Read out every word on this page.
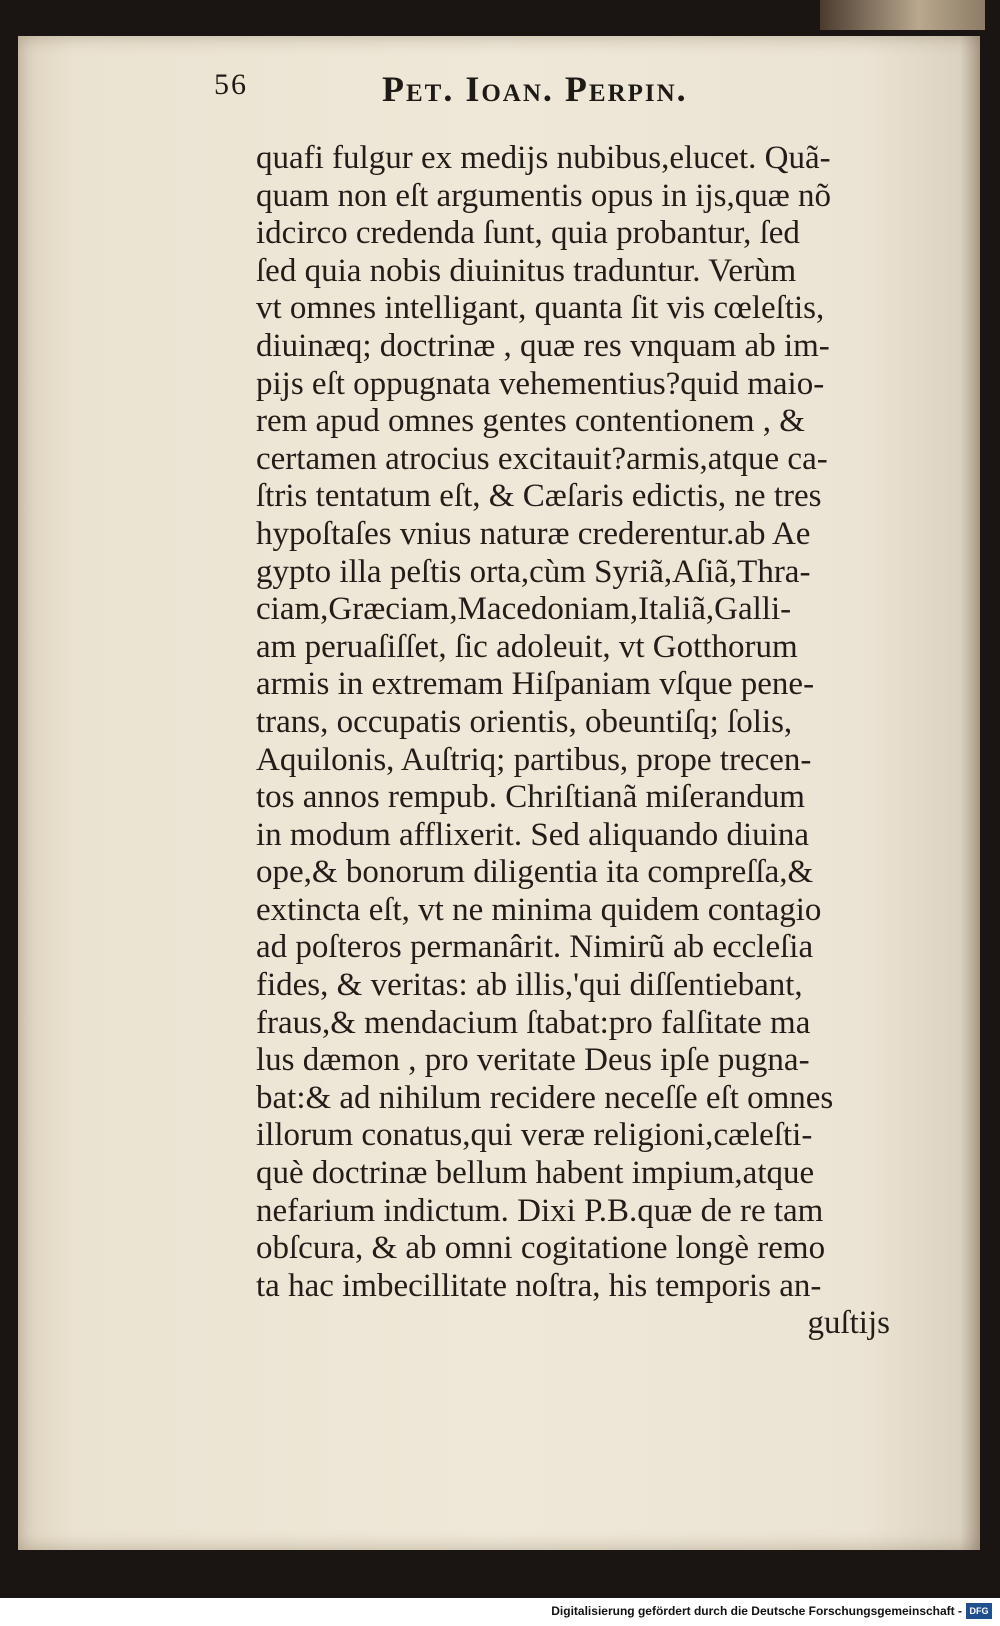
56	Pet. Ioan. Perpin.
quafi fulgur ex medijs nubibus,elucet. Quã-
quam non eſt argumentis opus in ijs,quæ nõ
idcirco credenda ſunt, quia probantur, ſed
ſed quia nobis diuinitus traduntur. Verùm
vt omnes intelligant, quanta ſit vis cœleſtis,
diuinæq; doctrinæ , quæ res vnquam ab im-
pijs eſt oppugnata vehementius?quid maio-
rem apud omnes gentes contentionem , &
certamen atrocius excitauit?armis,atque ca-
ſtris tentatum eſt, & Cæſaris edictis, ne tres
hypoſtaſes vnius naturæ crederentur.ab Ae
gypto illa peſtis orta,cùm Syriã,Aſiã,Thra-
ciam,Græciam,Macedoniam,Italiã,Galli-
am peruaſiſſet, ſic adoleuit, vt Gotthorum
armis in extremam Hiſpaniam vſque pene-
trans, occupatis orientis, obeuntiſq; ſolis,
Aquilonis, Auſtriq; partibus, prope trecen-
tos annos rempub. Chriſtianã miſerandum
in modum afflixerit. Sed aliquando diuina
ope,& bonorum diligentia ita compreſſa,&
extincta eſt, vt ne minima quidem contagio
ad poſteros permanârit. Nimirũ ab eccleſia
fides, & veritas: ab illis,'qui diſſentiebant,
fraus,& mendacium ſtabat:pro falſitate ma
lus dæmon , pro veritate Deus ipſe pugna-
bat:& ad nihilum recidere neceſſe eſt omnes
illorum conatus,qui veræ religioni,cæleſti-
què doctrinæ bellum habent impium,atque
nefarium indictum. Dixi P.B.quæ de re tam
obſcura, & ab omni cogitatione longè remo
ta hac imbecillitate noſtra, his temporis an-
guſtijs
Digitalisierung gefördert durch die Deutsche Forschungsgemeinschaft - DFG
